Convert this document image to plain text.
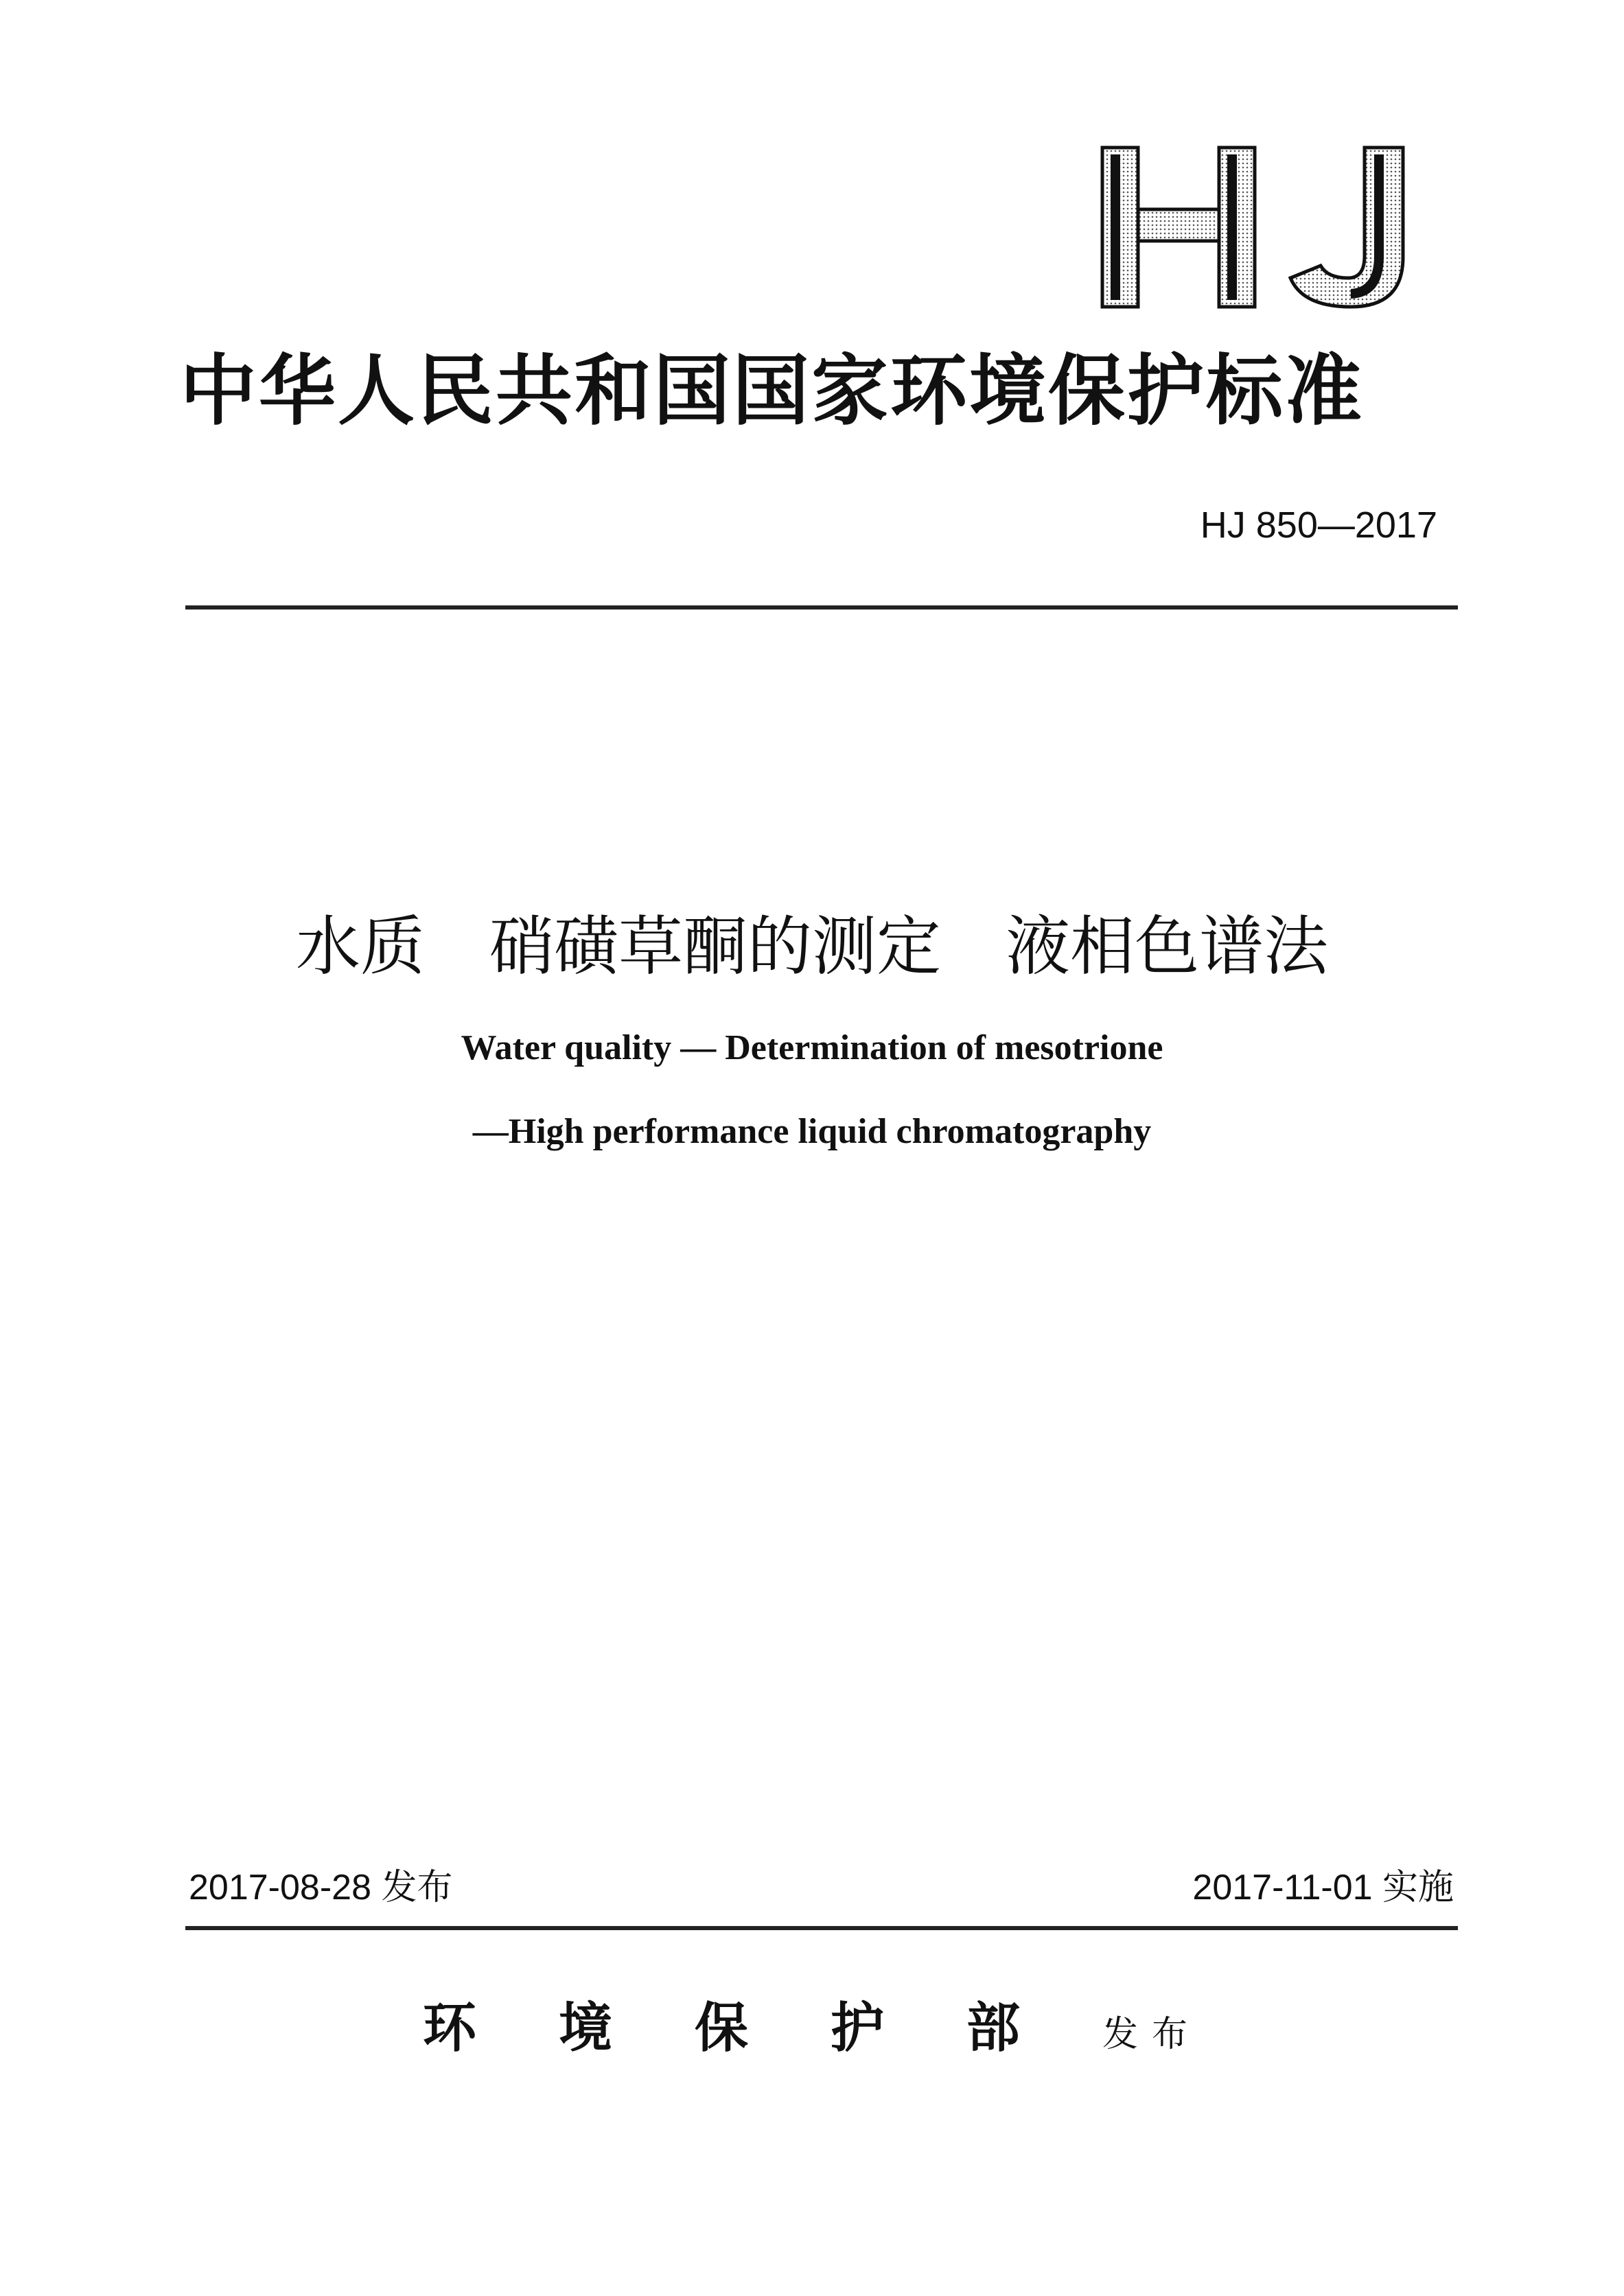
中华人民共和国国家环境保护标准
HJ 850—2017
水质　硝磺草酮的测定　液相色谱法
Water quality — Determination of mesotrione
—High performance liquid chromatography
2017-08-28 发布	2017-11-01 实施
环境保护部发布
